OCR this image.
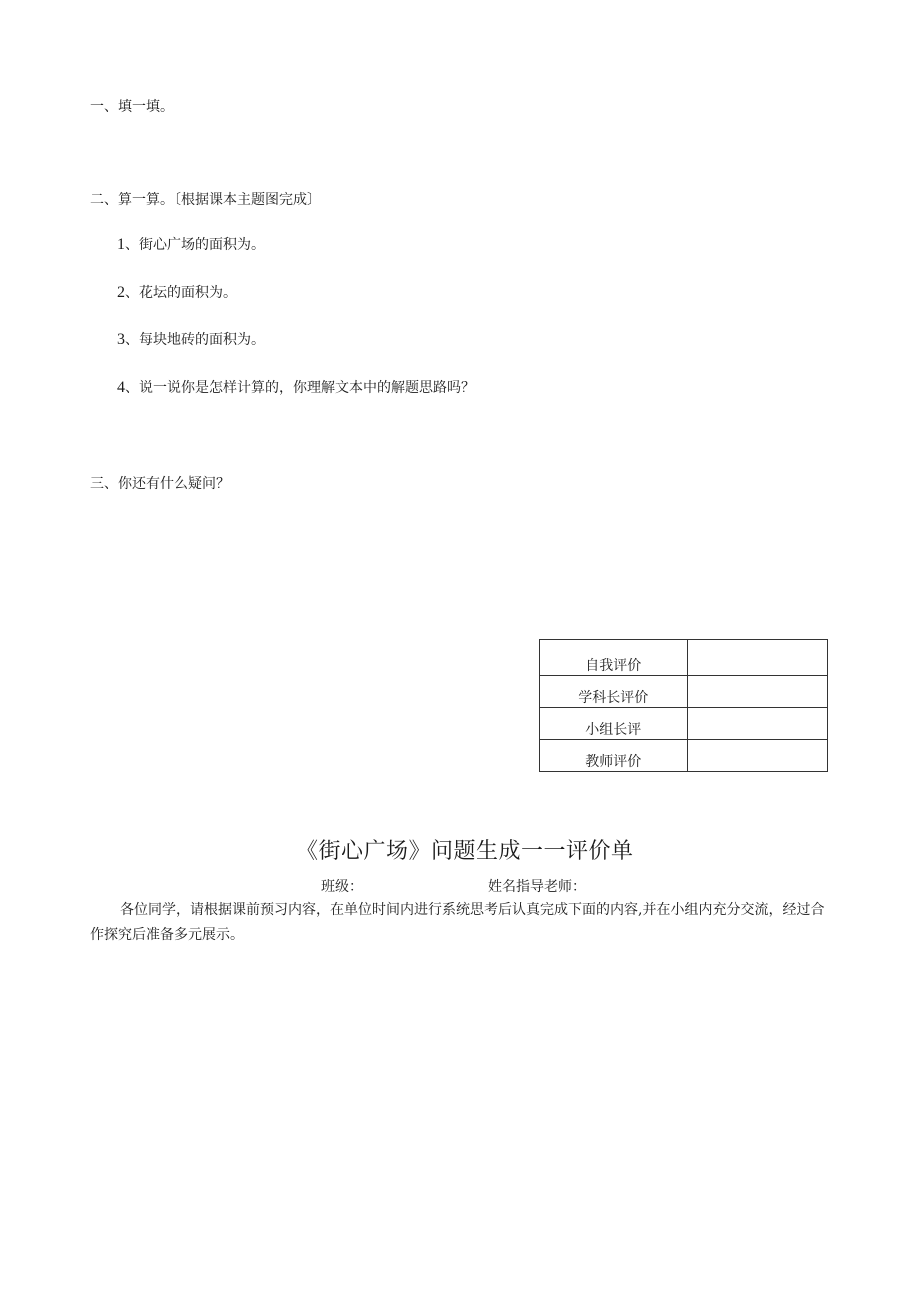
一、填一填。
二、算一算。〔根据课本主题图完成〕
1、街心广场的面积为。
2、花坛的面积为。
3、每块地砖的面积为。
4、说一说你是怎样计算的，你理解文本中的解题思路吗？
三、你还有什么疑问？
自我评价	
学科长评价	
小组长评	
教师评价	
《街心广场》问题生成一一评价单
班级：	姓名指导老师：
各位同学，请根据课前预习内容，在单位时间内进行系统思考后认真完成下面的内容,并在小组内充分交流，经过合作探究后准备多元展示。
